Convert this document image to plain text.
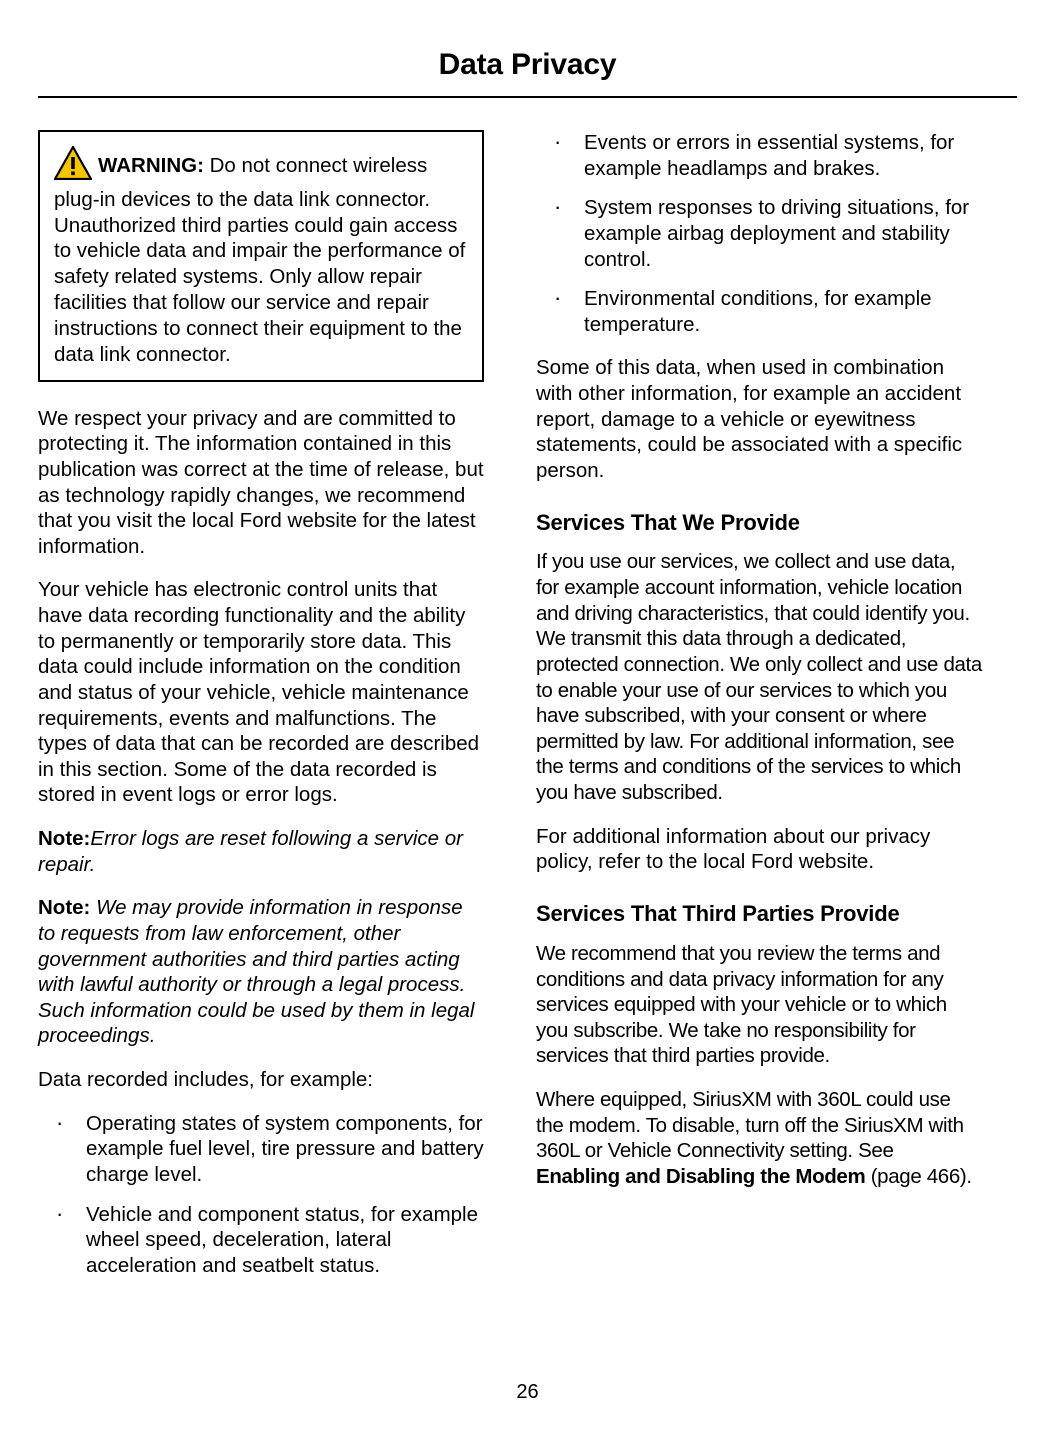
Data Privacy

WARNING: Do not connect wireless plug-in devices to the data link connector. Unauthorized third parties could gain access to vehicle data and impair the performance of safety related systems. Only allow repair facilities that follow our service and repair instructions to connect their equipment to the data link connector.

We respect your privacy and are committed to protecting it. The information contained in this publication was correct at the time of release, but as technology rapidly changes, we recommend that you visit the local Ford website for the latest information.

Your vehicle has electronic control units that have data recording functionality and the ability to permanently or temporarily store data. This data could include information on the condition and status of your vehicle, vehicle maintenance requirements, events and malfunctions. The types of data that can be recorded are described in this section. Some of the data recorded is stored in event logs or error logs.

Note:Error logs are reset following a service or repair.

Note: We may provide information in response to requests from law enforcement, other government authorities and third parties acting with lawful authority or through a legal process. Such information could be used by them in legal proceedings.

Data recorded includes, for example:

· Operating states of system components, for example fuel level, tire pressure and battery charge level.
· Vehicle and component status, for example wheel speed, deceleration, lateral acceleration and seatbelt status.
· Events or errors in essential systems, for example headlamps and brakes.
· System responses to driving situations, for example airbag deployment and stability control.
· Environmental conditions, for example temperature.

Some of this data, when used in combination with other information, for example an accident report, damage to a vehicle or eyewitness statements, could be associated with a specific person.

Services That We Provide

If you use our services, we collect and use data, for example account information, vehicle location and driving characteristics, that could identify you. We transmit this data through a dedicated, protected connection. We only collect and use data to enable your use of our services to which you have subscribed, with your consent or where permitted by law. For additional information, see the terms and conditions of the services to which you have subscribed.

For additional information about our privacy policy, refer to the local Ford website.

Services That Third Parties Provide

We recommend that you review the terms and conditions and data privacy information for any services equipped with your vehicle or to which you subscribe. We take no responsibility for services that third parties provide.

Where equipped, SiriusXM with 360L could use the modem. To disable, turn off the SiriusXM with 360L or Vehicle Connectivity setting. See Enabling and Disabling the Modem (page 466).

26
